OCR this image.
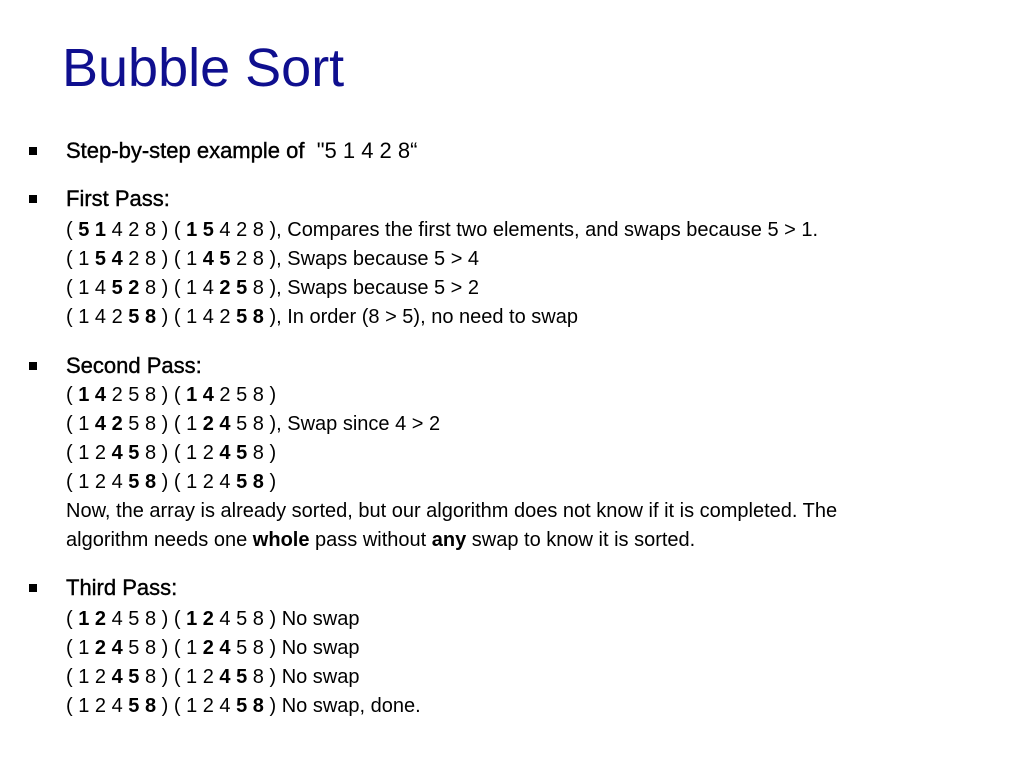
Bubble Sort
Step-by-step example of "5 1 4 2 8“
First Pass:
( 5 1 4 2 8 ) ( 1 5 4 2 8 ), Compares the first two elements, and swaps because 5 > 1.
( 1 5 4 2 8 ) ( 1 4 5 2 8 ), Swaps because 5 > 4
( 1 4 5 2 8 ) ( 1 4 2 5 8 ), Swaps because 5 > 2
( 1 4 2 5 8 ) ( 1 4 2 5 8 ), In order (8 > 5), no need to swap
Second Pass:
( 1 4 2 5 8 ) ( 1 4 2 5 8 )
( 1 4 2 5 8 ) ( 1 2 4 5 8 ), Swap since 4 > 2
( 1 2 4 5 8 ) ( 1 2 4 5 8 )
( 1 2 4 5 8 ) ( 1 2 4 5 8 )
Now, the array is already sorted, but our algorithm does not know if it is completed. The
algorithm needs one whole pass without any swap to know it is sorted.
Third Pass:
( 1 2 4 5 8 ) ( 1 2 4 5 8 ) No swap
( 1 2 4 5 8 ) ( 1 2 4 5 8 ) No swap
( 1 2 4 5 8 ) ( 1 2 4 5 8 ) No swap
( 1 2 4 5 8 ) ( 1 2 4 5 8 ) No swap, done.
